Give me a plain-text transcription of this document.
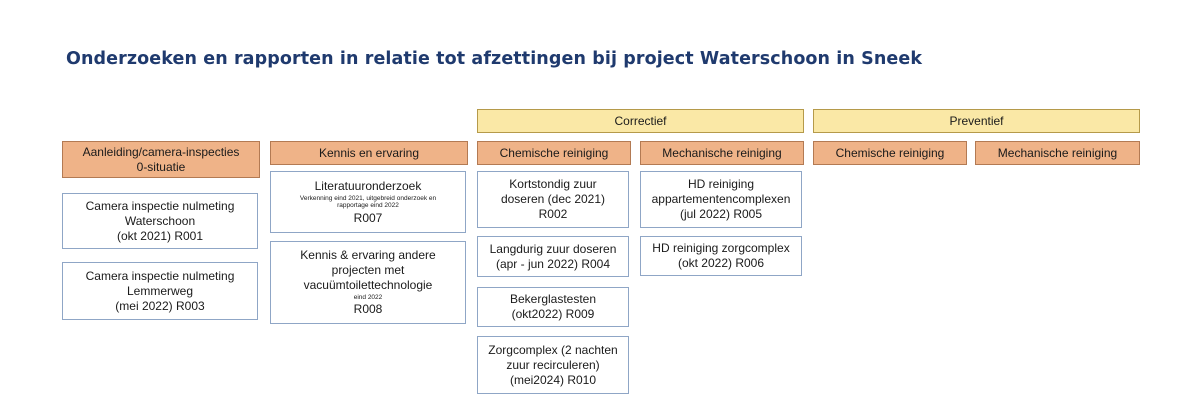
Onderzoeken en rapporten in relatie tot afzettingen bij project Waterschoon in Sneek
Correctief	Preventief
Aanleiding/camera-inspecties
0-situatie
Kennis en ervaring	Chemische reiniging	Mechanische reiniging	Chemische reiniging	Mechanische reiniging
Camera inspectie nulmeting
Waterschoon
(okt 2021) R001
Camera inspectie nulmeting
Lemmerweg
(mei 2022) R003
Literatuuronderzoek
Verkenning eind 2021, uitgebreid onderzoek en
rapportage eind 2022
R007
Kennis & ervaring andere
projecten met
vacuümtoilettechnologie
eind 2022
R008
Kortstondig zuur
doseren (dec 2021)
R002
Langdurig zuur doseren
(apr - jun 2022) R004
Bekerglastesten
(okt2022) R009
Zorgcomplex (2 nachten
zuur recirculeren)
(mei2024) R010
HD reiniging
appartementencomplexen
(jul 2022) R005
HD reiniging zorgcomplex
(okt 2022) R006
